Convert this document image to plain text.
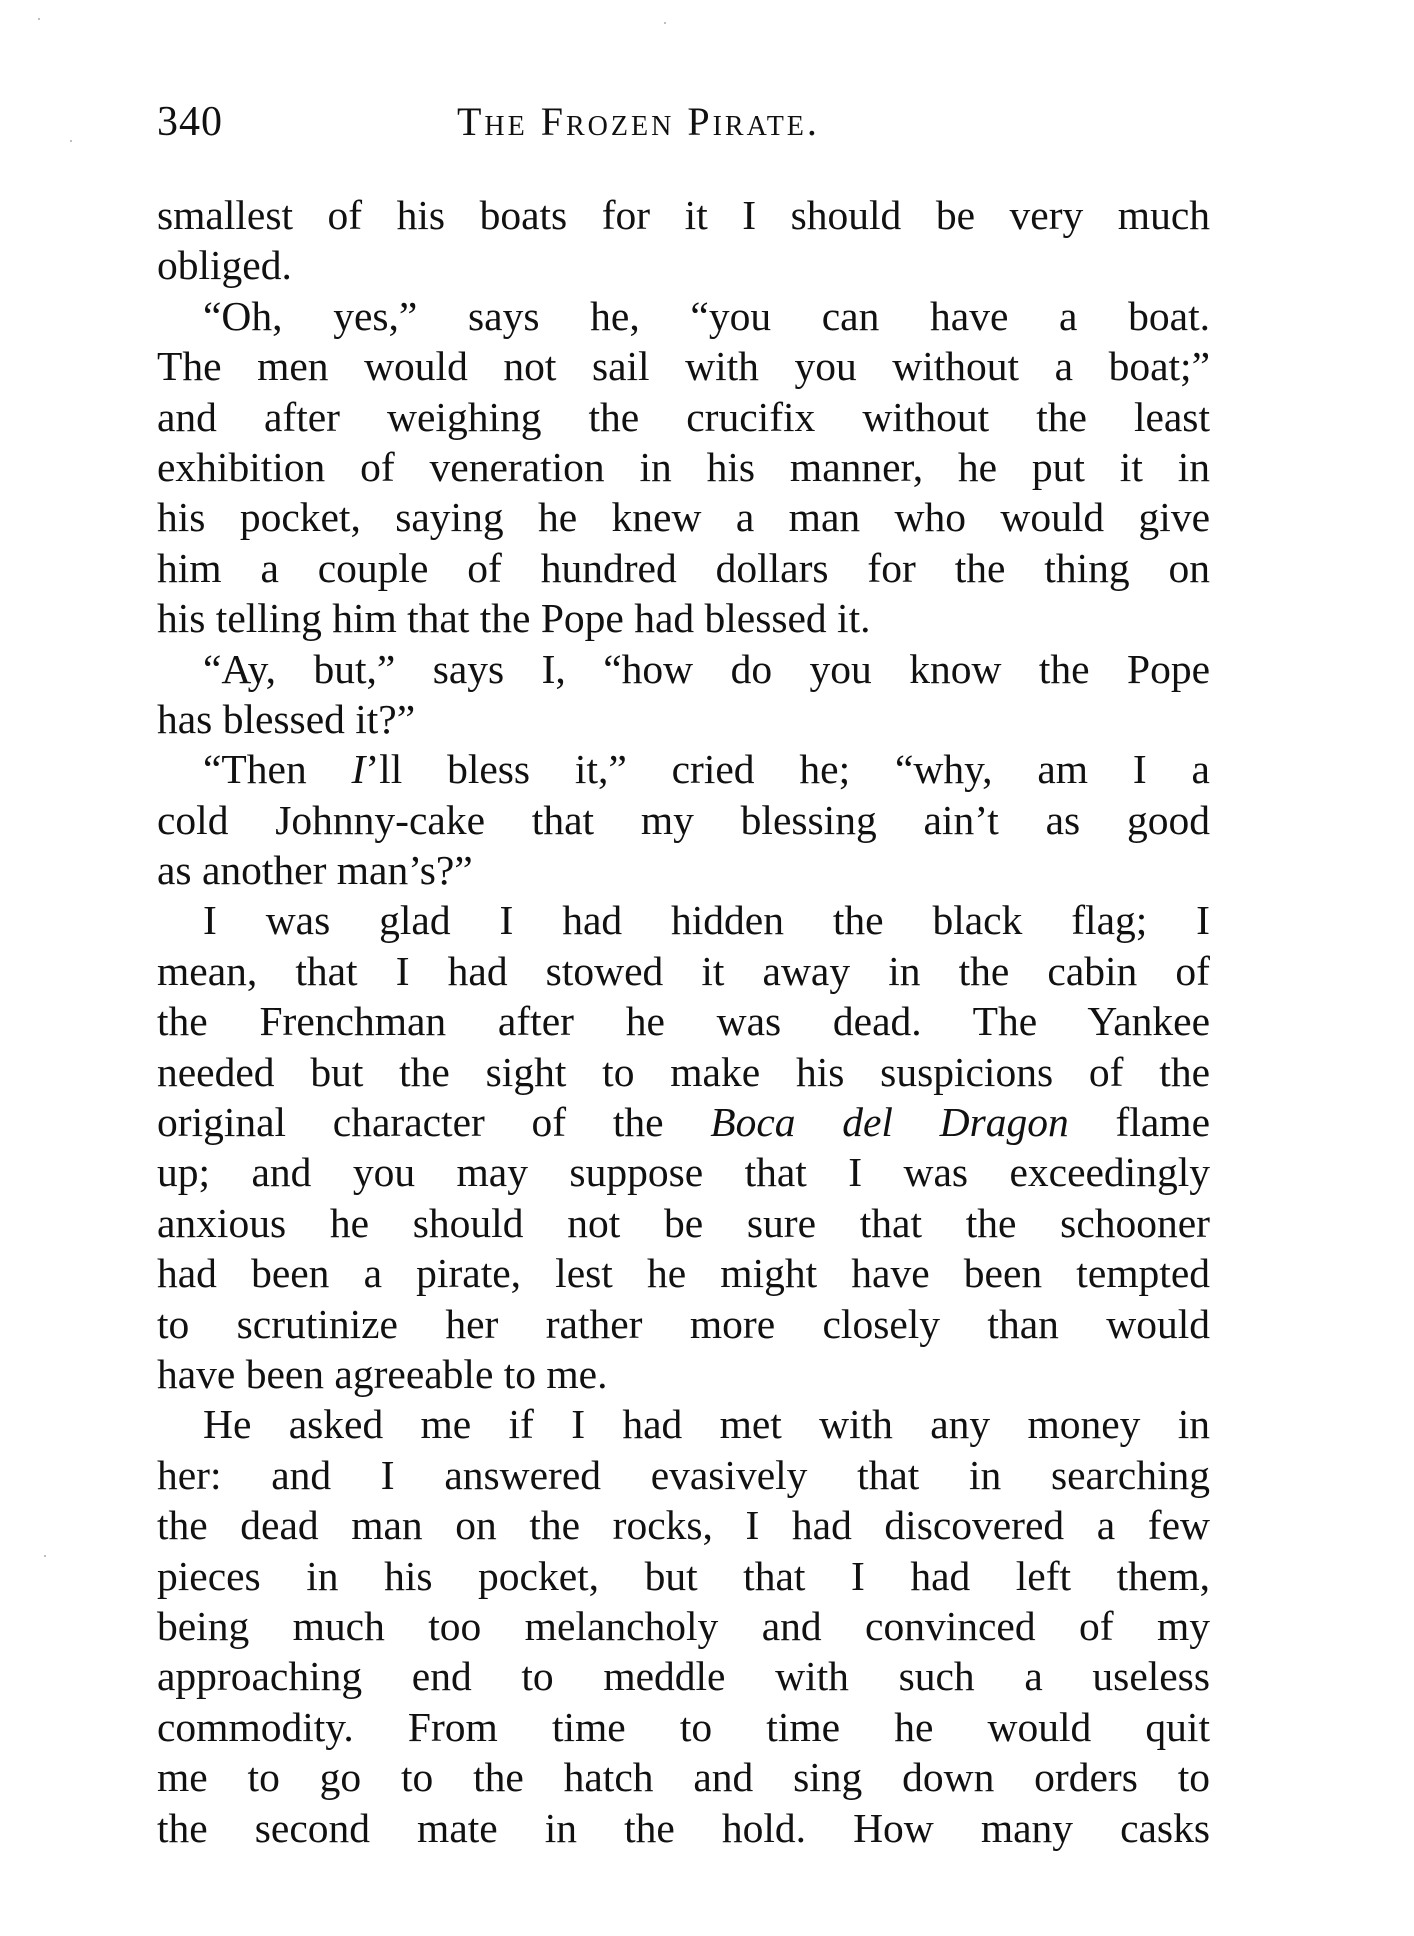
340	The Frozen Pirate.
smallest of his boats for it I should be very much
obliged.
“Oh, yes,” says he, “you can have a boat.
The men would not sail with you without a boat;”
and after weighing the crucifix without the least
exhibition of veneration in his manner, he put it in
his pocket, saying he knew a man who would give
him a couple of hundred dollars for the thing on
his telling him that the Pope had blessed it.
“Ay, but,” says I, “how do you know the Pope
has blessed it?”
“Then I’ll bless it,” cried he; “why, am I a
cold Johnny-cake that my blessing ain’t as good
as another man’s?”
I was glad I had hidden the black flag; I
mean, that I had stowed it away in the cabin of
the Frenchman after he was dead. The Yankee
needed but the sight to make his suspicions of the
original character of the Boca del Dragon flame
up; and you may suppose that I was exceedingly
anxious he should not be sure that the schooner
had been a pirate, lest he might have been tempted
to scrutinize her rather more closely than would
have been agreeable to me.
He asked me if I had met with any money in
her: and I answered evasively that in searching
the dead man on the rocks, I had discovered a few
pieces in his pocket, but that I had left them,
being much too melancholy and convinced of my
approaching end to meddle with such a useless
commodity. From time to time he would quit
me to go to the hatch and sing down orders to
the second mate in the hold. How many casks
